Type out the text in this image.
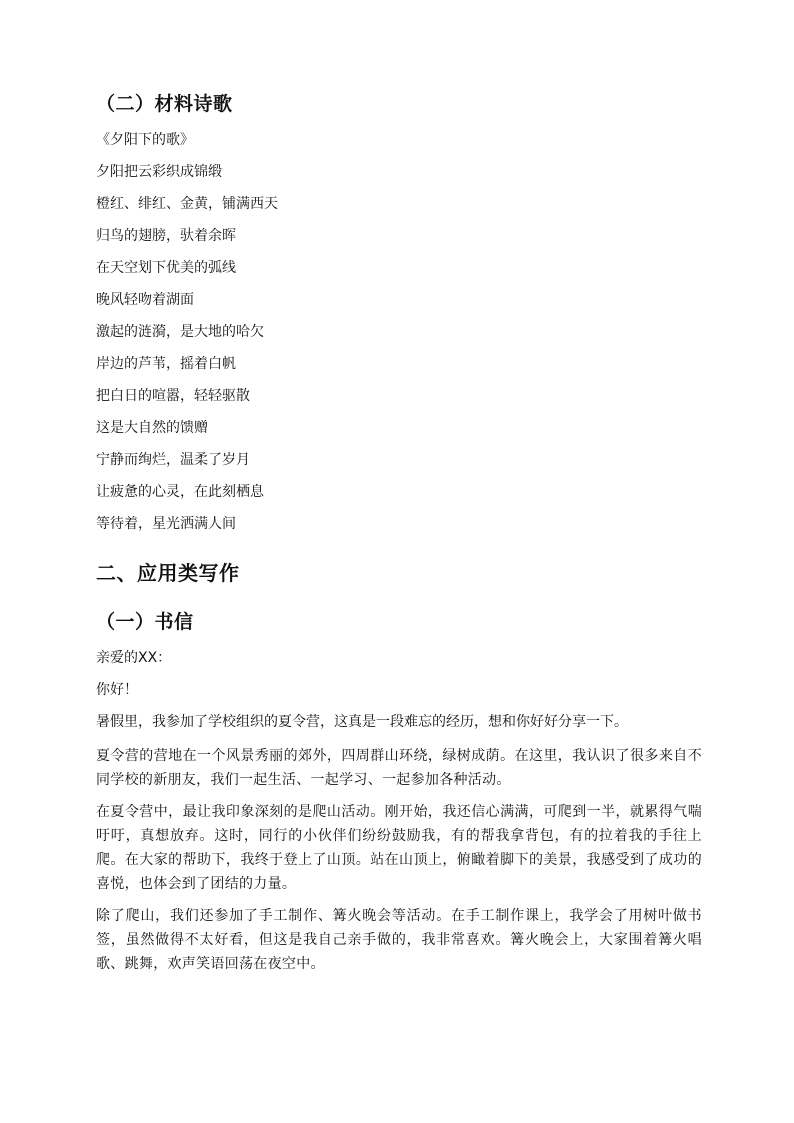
（二）材料诗歌
《夕阳下的歌》
夕阳把云彩织成锦缎
橙红、绯红、金黄，铺满西天
归鸟的翅膀，驮着余晖
在天空划下优美的弧线
晚风轻吻着湖面
激起的涟漪，是大地的哈欠
岸边的芦苇，摇着白帆
把白日的喧嚣，轻轻驱散
这是大自然的馈赠
宁静而绚烂，温柔了岁月
让疲惫的心灵，在此刻栖息
等待着，星光洒满人间
二、应用类写作
（一）书信
亲爱的XX：
你好！
暑假里，我参加了学校组织的夏令营，这真是一段难忘的经历，想和你好好分享一下。

夏令营的营地在一个风景秀丽的郊外，四周群山环绕，绿树成荫。在这里，我认识了很多来自不同学校的新朋友，我们一起生活、一起学习、一起参加各种活动。

在夏令营中，最让我印象深刻的是爬山活动。刚开始，我还信心满满，可爬到一半，就累得气喘吁吁，真想放弃。这时，同行的小伙伴们纷纷鼓励我，有的帮我拿背包，有的拉着我的手往上爬。在大家的帮助下，我终于登上了山顶。站在山顶上，俯瞰着脚下的美景，我感受到了成功的喜悦，也体会到了团结的力量。

除了爬山，我们还参加了手工制作、篝火晚会等活动。在手工制作课上，我学会了用树叶做书签，虽然做得不太好看，但这是我自己亲手做的，我非常喜欢。篝火晚会上，大家围着篝火唱歌、跳舞，欢声笑语回荡在夜空中。
